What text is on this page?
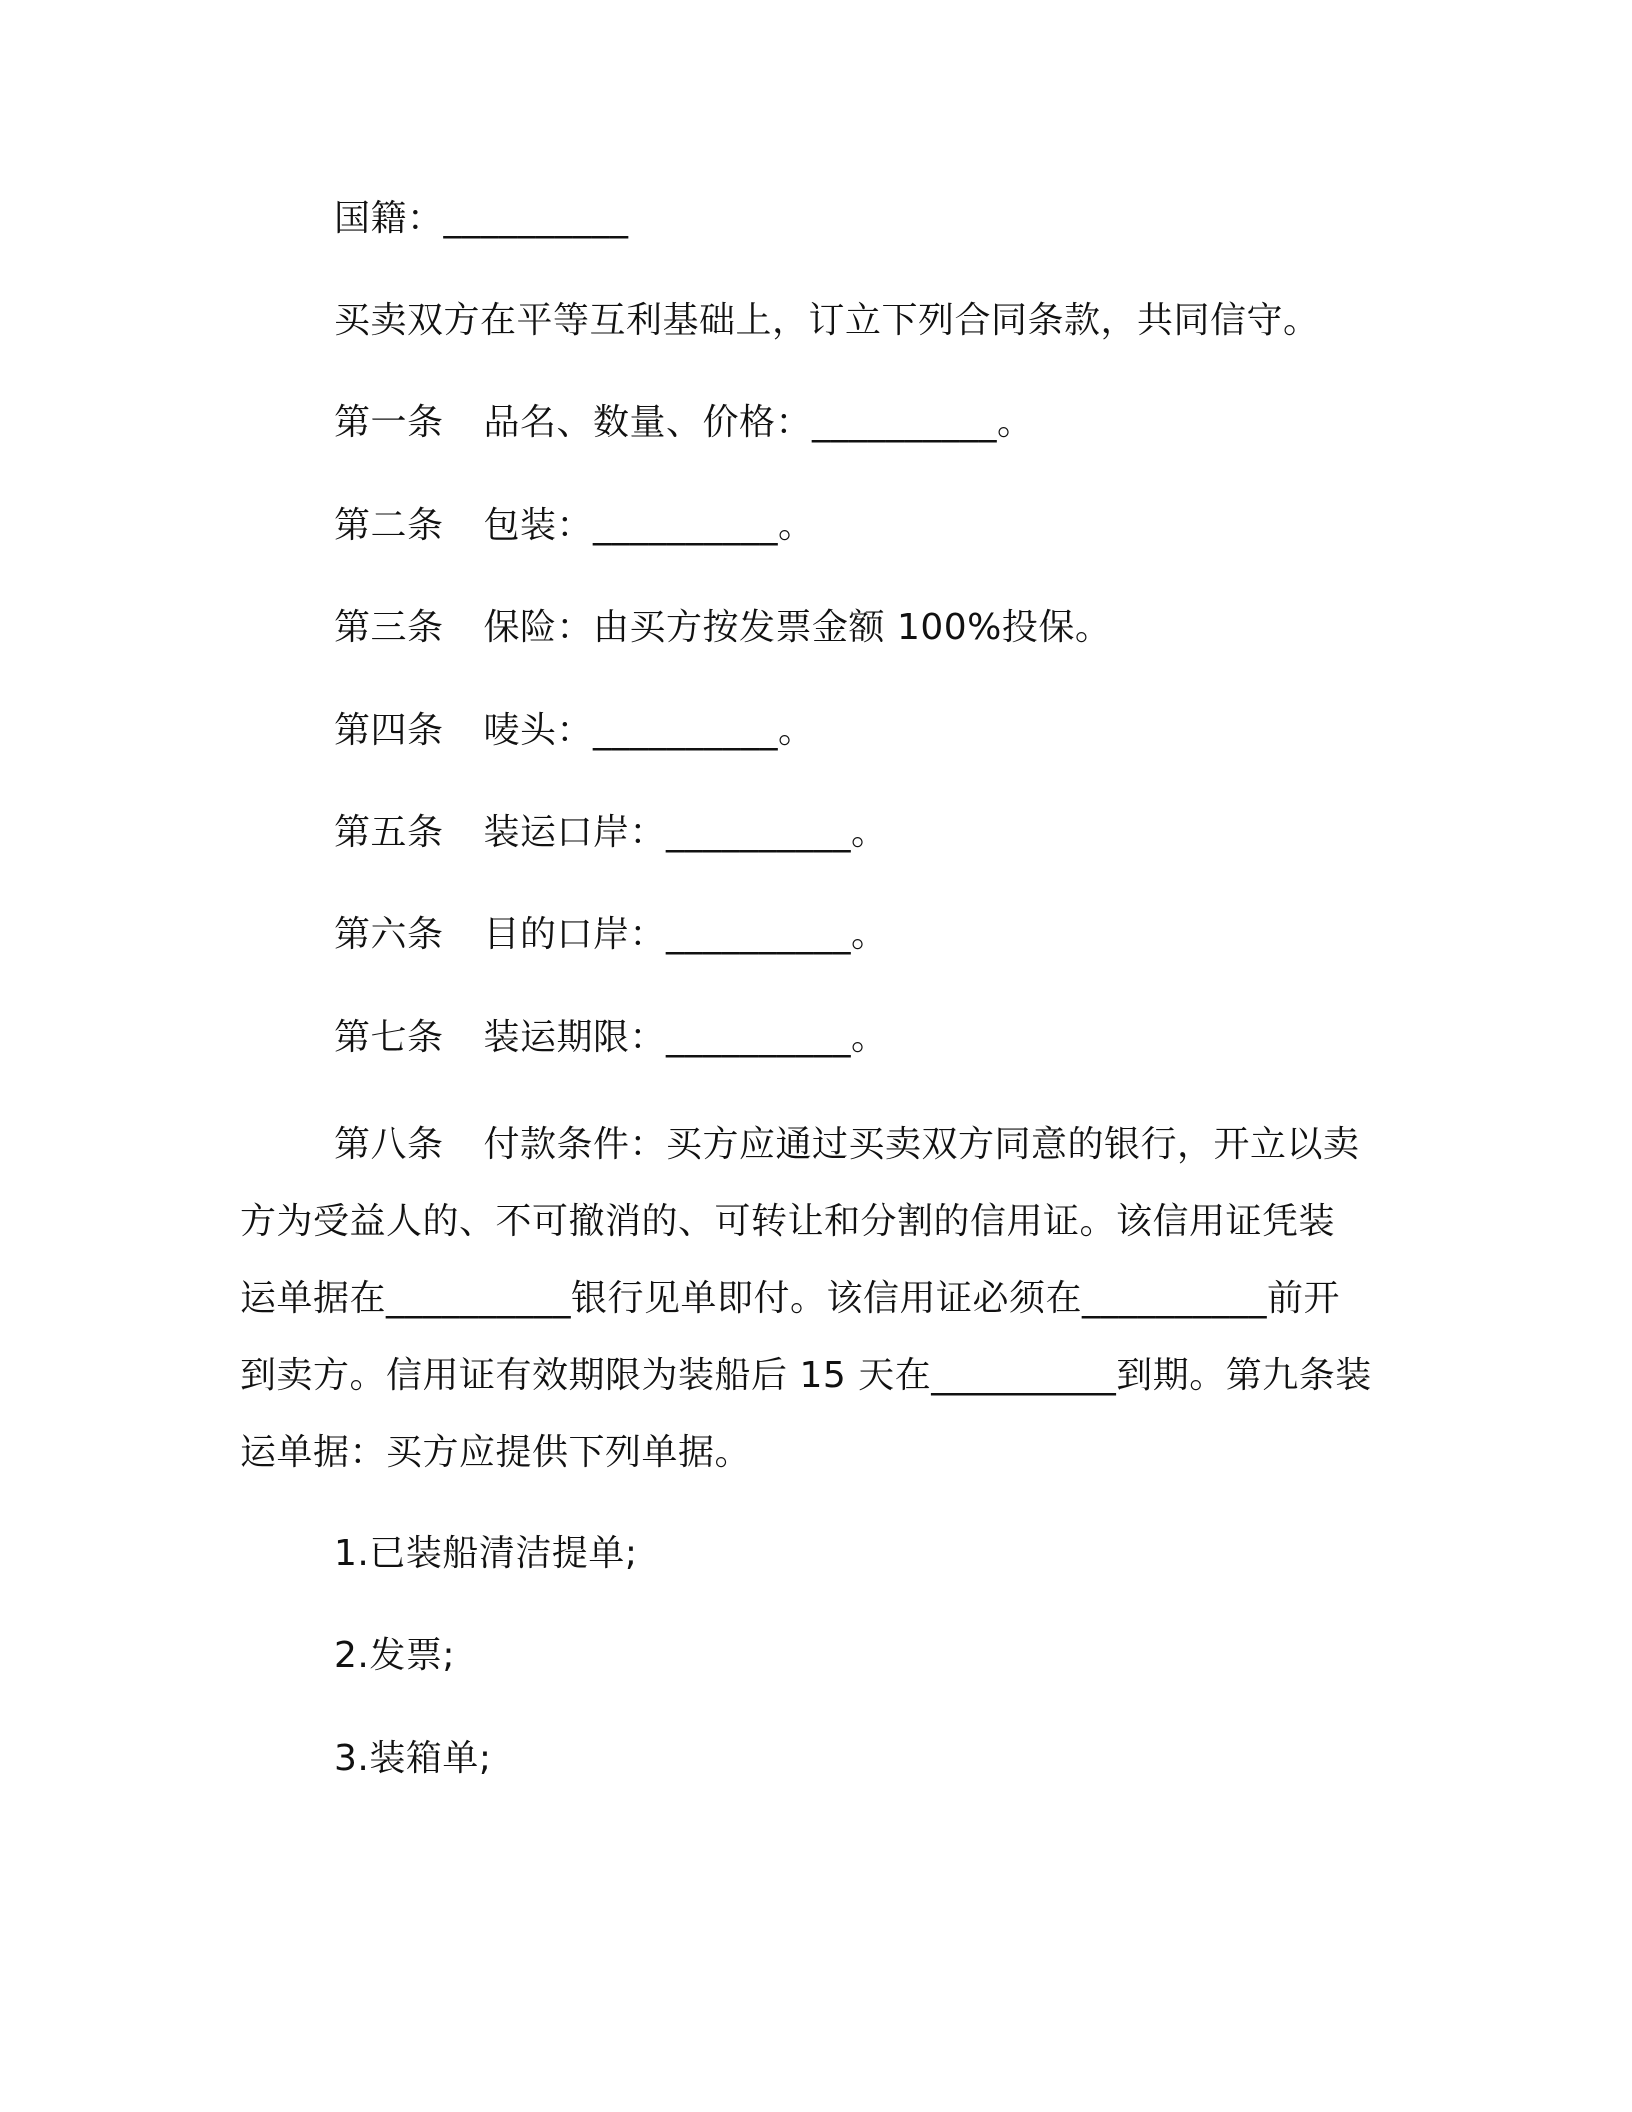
国籍：__________
买卖双方在平等互利基础上，订立下列合同条款，共同信守。
第一条 品名、数量、价格：__________。
第二条 包装：__________。
第三条 保险：由买方按发票金额 100%投保。
第四条 唛头：__________。
第五条 装运口岸：__________。
第六条 目的口岸：__________。
第七条 装运期限：__________。
第八条 付款条件：买方应通过买卖双方同意的银行，开立以卖
方为受益人的、不可撤消的、可转让和分割的信用证。该信用证凭装
运单据在__________银行见单即付。该信用证必须在__________前开
到卖方。信用证有效期限为装船后 15 天在__________到期。第九条装
运单据：买方应提供下列单据。
1.已装船清洁提单;
2.发票;
3.装箱单;
